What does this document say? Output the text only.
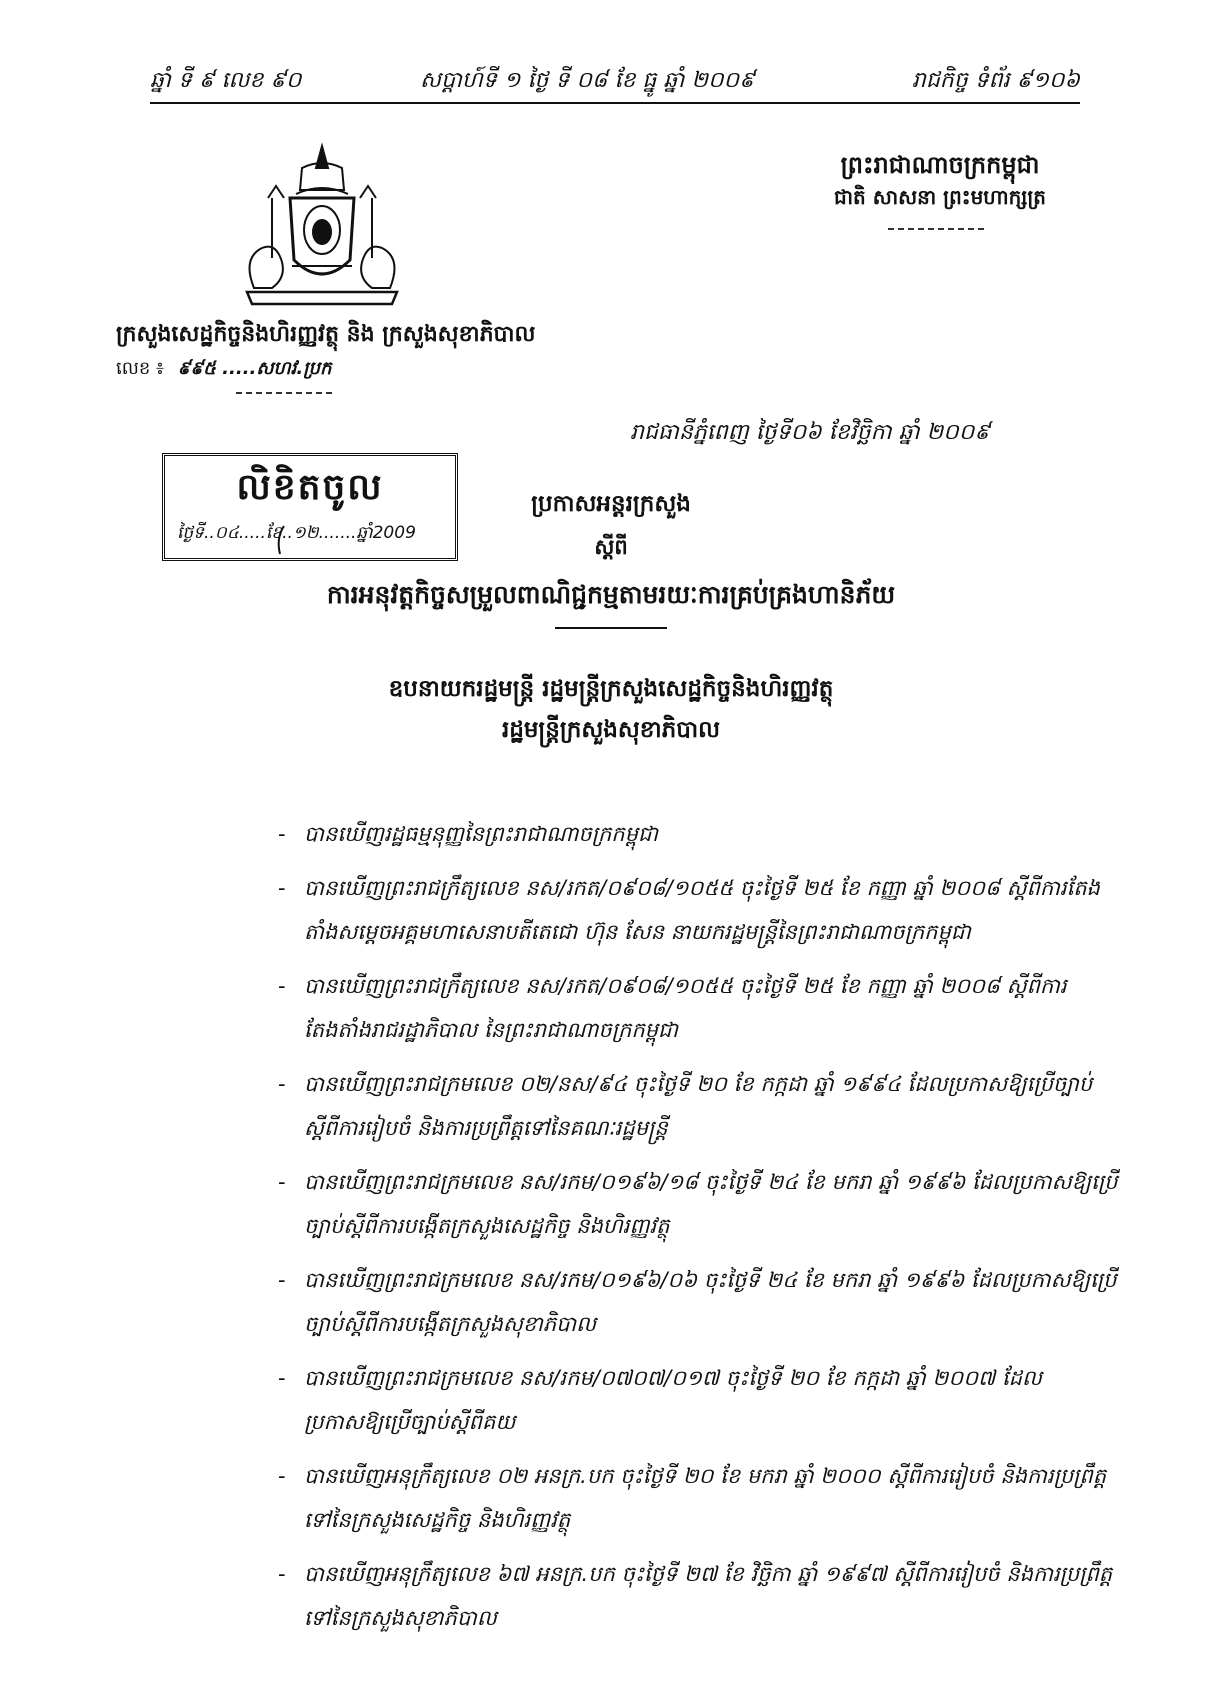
ឆ្នាំ ទី ៩ លេខ ៩០	សប្តាហ៍ទី ១ ថ្ងៃ ទី ០៨ ខែ ធ្នូ ឆ្នាំ ២០០៩	រាជកិច្ច ទំព័រ ៩១០៦
ព្រះរាជាណាចក្រកម្ពុជា
ជាតិ សាសនា ព្រះមហាក្សត្រ
ក្រសួងសេដ្ឋកិច្ចនិងហិរញ្ញវត្ថុ និង ក្រសួងសុខាភិបាល
លេខ ៖ ៩៩៥ .....សហវ.ប្រក
រាជធានីភ្នំពេញ ថ្ងៃទី០៦ ខែវិច្ឆិកា ឆ្នាំ ២០០៩
លិខិតចូល
ថ្ងៃទី..០៤.....ខែ..១២.......ឆ្នាំ2009
ប្រកាសអន្តរក្រសួង
ស្តីពី
ការអនុវត្តកិច្ចសម្រួលពាណិជ្ជកម្មតាមរយៈការគ្រប់គ្រងហានិភ័យ
ឧបនាយករដ្ឋមន្ត្រី រដ្ឋមន្ត្រីក្រសួងសេដ្ឋកិច្ចនិងហិរញ្ញវត្ថុ
រដ្ឋមន្ត្រីក្រសួងសុខាភិបាល
- បានឃើញរដ្ឋធម្មនុញ្ញនៃព្រះរាជាណាចក្រកម្ពុជា
- បានឃើញព្រះរាជក្រឹត្យលេខ នស/រកត/០៩០៨/១០៥៥ ចុះថ្ងៃទី ២៥ ខែ កញ្ញា ឆ្នាំ ២០០៨ ស្តីពីការតែងតាំងសម្តេចអគ្គមហាសេនាបតីតេជោ ហ៊ុន សែន នាយករដ្ឋមន្ត្រីនៃព្រះរាជាណាចក្រកម្ពុជា
- បានឃើញព្រះរាជក្រឹត្យលេខ នស/រកត/០៩០៨/១០៥៥ ចុះថ្ងៃទី ២៥ ខែ កញ្ញា ឆ្នាំ ២០០៨ ស្តីពីការតែងតាំងរាជរដ្ឋាភិបាល នៃព្រះរាជាណាចក្រកម្ពុជា
- បានឃើញព្រះរាជក្រមលេខ ០២/នស/៩៤ ចុះថ្ងៃទី ២០ ខែ កក្កដា ឆ្នាំ ១៩៩៤ ដែលប្រកាសឱ្យប្រើច្បាប់ស្តីពីការរៀបចំ និងការប្រព្រឹត្តទៅនៃគណៈរដ្ឋមន្ត្រី
- បានឃើញព្រះរាជក្រមលេខ នស/រកម/០១៩៦/១៨ ចុះថ្ងៃទី ២៤ ខែ មករា ឆ្នាំ ១៩៩៦ ដែលប្រកាសឱ្យប្រើច្បាប់ស្តីពីការបង្កើតក្រសួងសេដ្ឋកិច្ច និងហិរញ្ញវត្ថុ
- បានឃើញព្រះរាជក្រមលេខ នស/រកម/០១៩៦/០៦ ចុះថ្ងៃទី ២៤ ខែ មករា ឆ្នាំ ១៩៩៦ ដែលប្រកាសឱ្យប្រើច្បាប់ស្តីពីការបង្កើតក្រសួងសុខាភិបាល
- បានឃើញព្រះរាជក្រមលេខ នស/រកម/០៧០៧/០១៧ ចុះថ្ងៃទី ២០ ខែ កក្កដា ឆ្នាំ ២០០៧ ដែលប្រកាសឱ្យប្រើច្បាប់ស្តីពីគយ
- បានឃើញអនុក្រឹត្យលេខ ០២ អនក្រ.បក ចុះថ្ងៃទី ២០ ខែ មករា ឆ្នាំ ២០០០ ស្តីពីការរៀបចំ និងការប្រព្រឹត្តទៅនៃក្រសួងសេដ្ឋកិច្ច និងហិរញ្ញវត្ថុ
- បានឃើញអនុក្រឹត្យលេខ ៦៧ អនក្រ.បក ចុះថ្ងៃទី ២៧ ខែ វិច្ឆិកា ឆ្នាំ ១៩៩៧ ស្តីពីការរៀបចំ និងការប្រព្រឹត្តទៅនៃក្រសួងសុខាភិបាល
